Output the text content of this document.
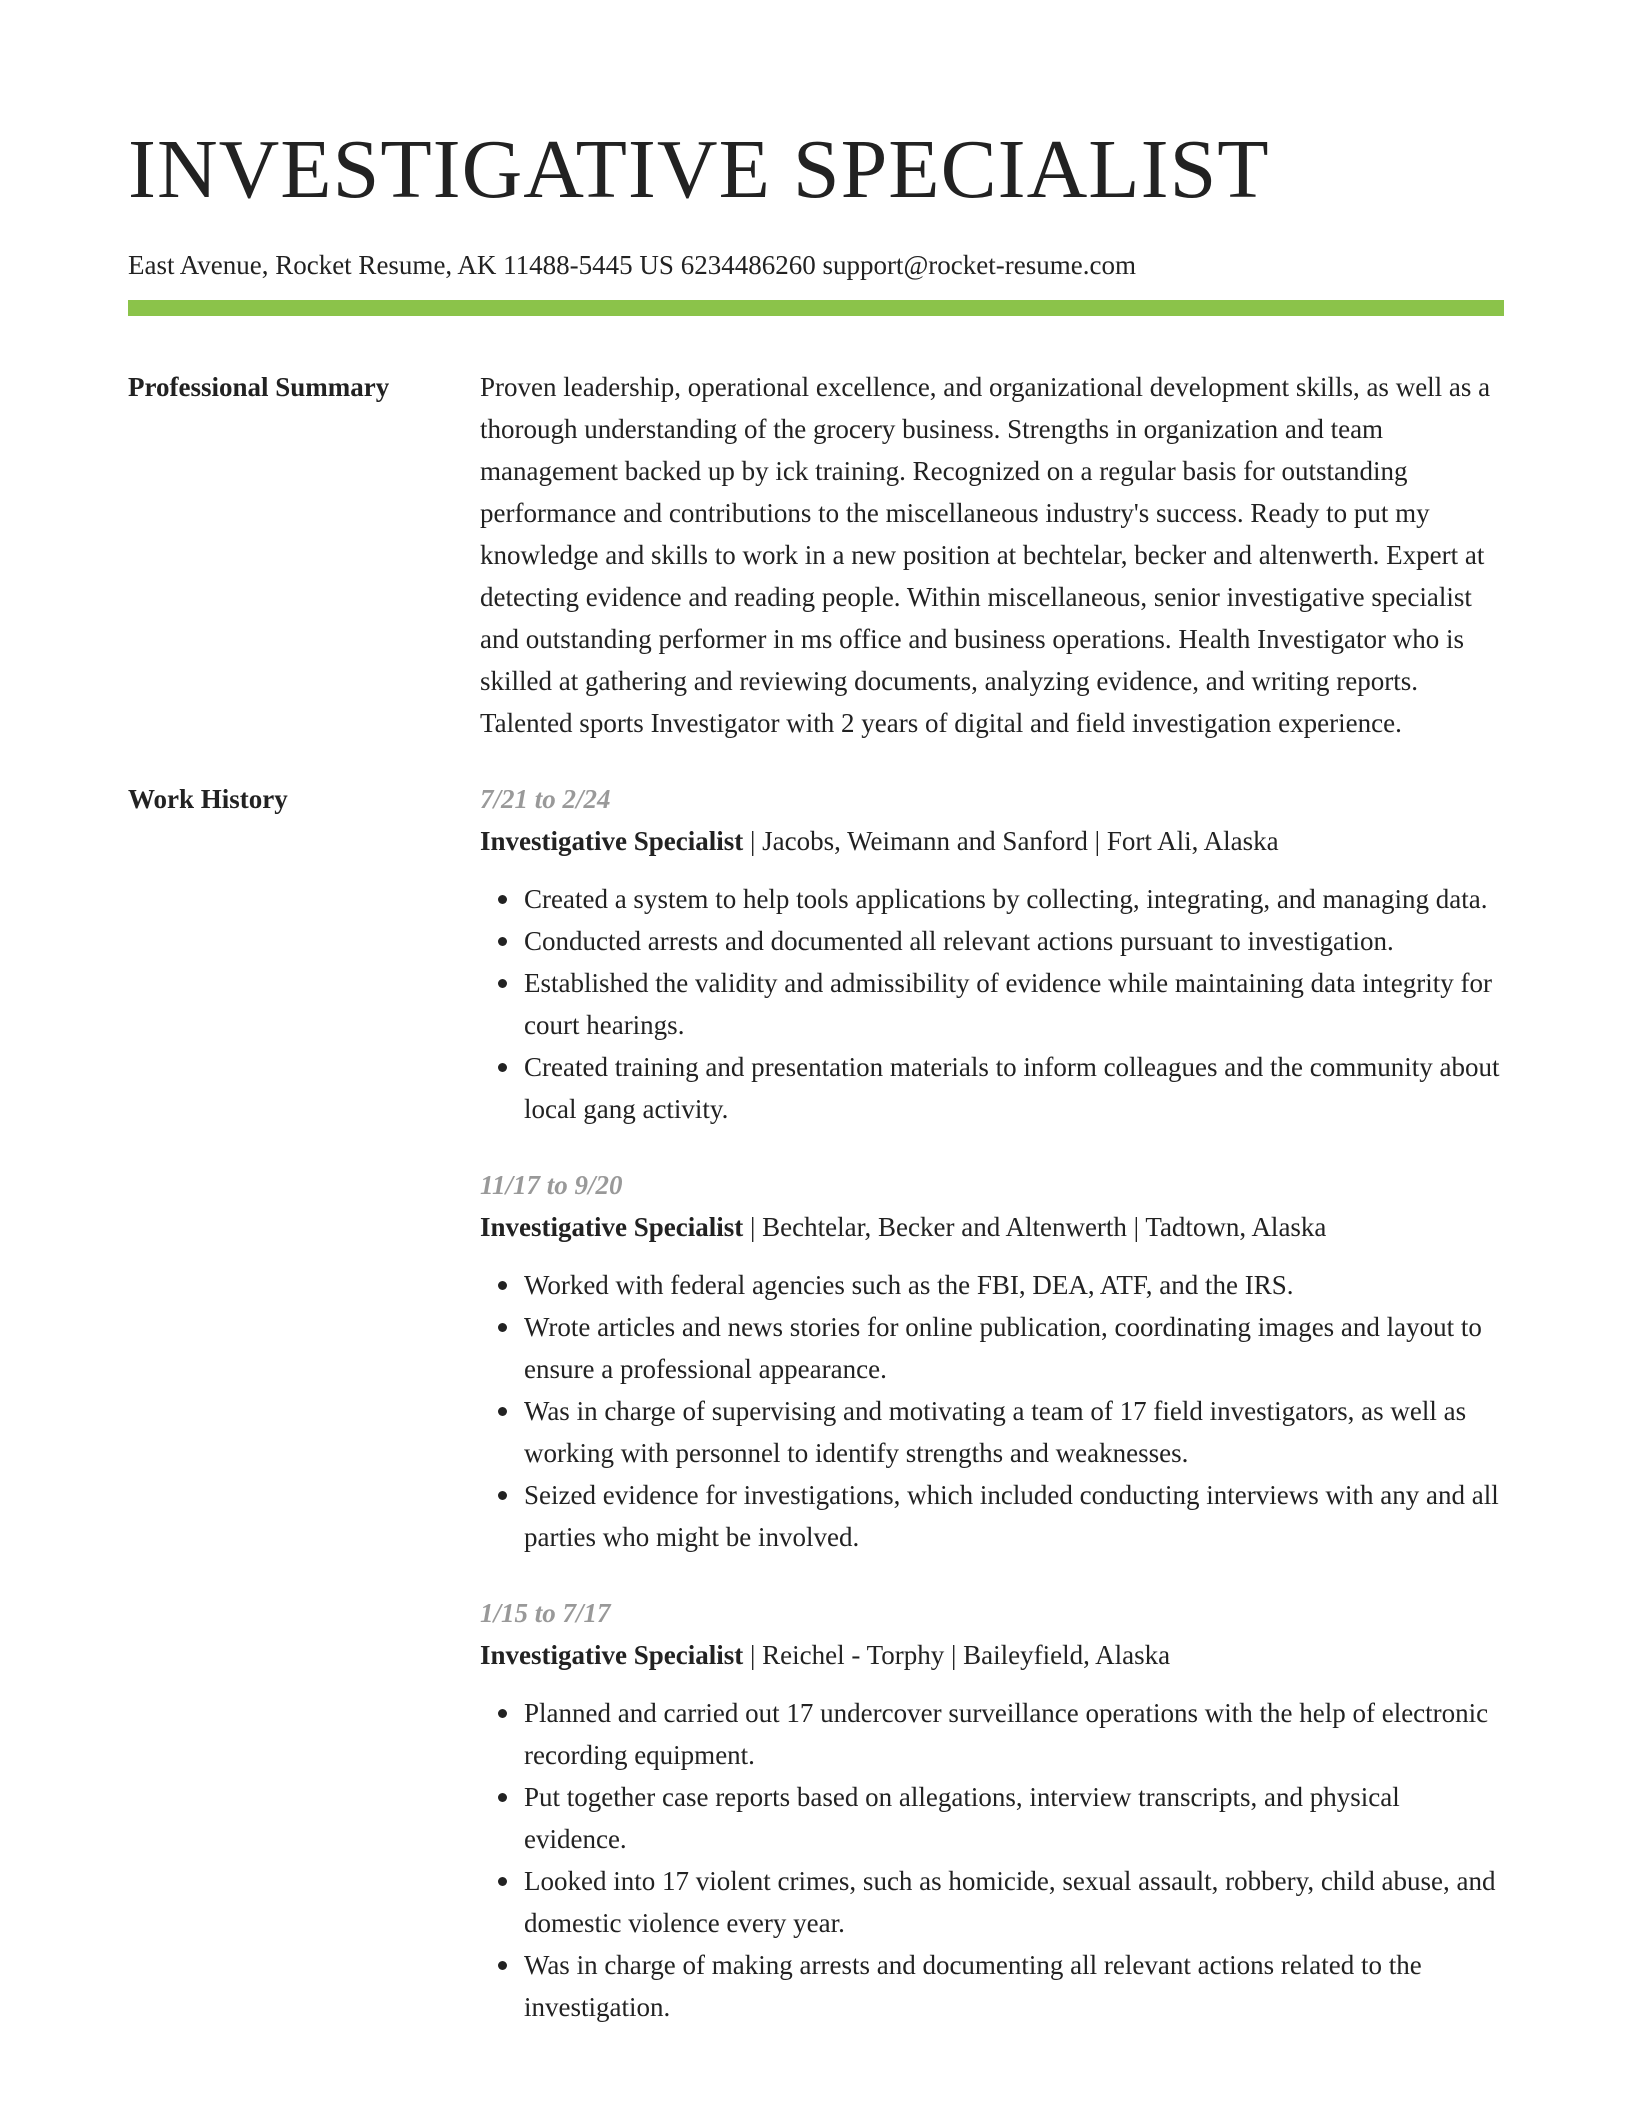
INVESTIGATIVE SPECIALIST
East Avenue, Rocket Resume, AK 11488-5445 US 6234486260 support@rocket-resume.com
Professional Summary	Proven leadership, operational excellence, and organizational development skills, as well as a thorough understanding of the grocery business. Strengths in organization and team management backed up by ick training. Recognized on a regular basis for outstanding performance and contributions to the miscellaneous industry's success. Ready to put my knowledge and skills to work in a new position at bechtelar, becker and altenwerth. Expert at detecting evidence and reading people. Within miscellaneous, senior investigative specialist and outstanding performer in ms office and business operations. Health Investigator who is skilled at gathering and reviewing documents, analyzing evidence, and writing reports. Talented sports Investigator with 2 years of digital and field investigation experience.

Work History	7/21 to 2/24
Investigative Specialist | Jacobs, Weimann and Sanford | Fort Ali, Alaska
Created a system to help tools applications by collecting, integrating, and managing data.
Conducted arrests and documented all relevant actions pursuant to investigation.
Established the validity and admissibility of evidence while maintaining data integrity for court hearings.
Created training and presentation materials to inform colleagues and the community about local gang activity.
11/17 to 9/20
Investigative Specialist | Bechtelar, Becker and Altenwerth | Tadtown, Alaska
Worked with federal agencies such as the FBI, DEA, ATF, and the IRS.
Wrote articles and news stories for online publication, coordinating images and layout to ensure a professional appearance.
Was in charge of supervising and motivating a team of 17 field investigators, as well as working with personnel to identify strengths and weaknesses.
Seized evidence for investigations, which included conducting interviews with any and all parties who might be involved.
1/15 to 7/17
Investigative Specialist | Reichel - Torphy | Baileyfield, Alaska
Planned and carried out 17 undercover surveillance operations with the help of electronic recording equipment.
Put together case reports based on allegations, interview transcripts, and physical evidence.
Looked into 17 violent crimes, such as homicide, sexual assault, robbery, child abuse, and domestic violence every year.
Was in charge of making arrests and documenting all relevant actions related to the investigation.
